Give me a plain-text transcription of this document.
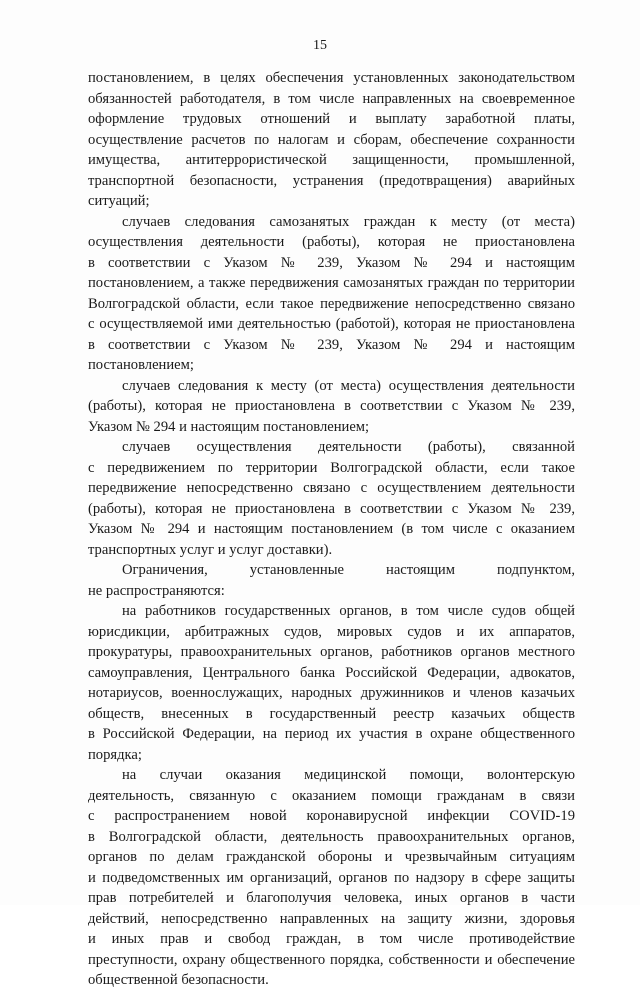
15
постановлением, в целях обеспечения установленных законодательством
обязанностей работодателя, в том числе направленных на своевременное
оформление трудовых отношений и выплату заработной платы,
осуществление расчетов по налогам и сборам, обеспечение сохранности
имущества, антитеррористической защищенности, промышленной,
транспортной безопасности, устранения (предотвращения) аварийных
ситуаций;
случаев следования самозанятых граждан к месту (от места)
осуществления деятельности (работы), которая не приостановлена
в соответствии с Указом № 239, Указом № 294 и настоящим
постановлением, а также передвижения самозанятых граждан по территории
Волгоградской области, если такое передвижение непосредственно связано
с осуществляемой ими деятельностью (работой), которая не приостановлена
в соответствии с Указом № 239, Указом № 294 и настоящим
постановлением;
случаев следования к месту (от места) осуществления деятельности
(работы), которая не приостановлена в соответствии с Указом № 239,
Указом № 294 и настоящим постановлением;
случаев осуществления деятельности (работы), связанной
с передвижением по территории Волгоградской области, если такое
передвижение непосредственно связано с осуществлением деятельности
(работы), которая не приостановлена в соответствии с Указом № 239,
Указом № 294 и настоящим постановлением (в том числе с оказанием
транспортных услуг и услуг доставки).
Ограничения, установленные настоящим подпунктом,
не распространяются:
на работников государственных органов, в том числе судов общей
юрисдикции, арбитражных судов, мировых судов и их аппаратов,
прокуратуры, правоохранительных органов, работников органов местного
самоуправления, Центрального банка Российской Федерации, адвокатов,
нотариусов, военнослужащих, народных дружинников и членов казачьих
обществ, внесенных в государственный реестр казачьих обществ
в Российской Федерации, на период их участия в охране общественного
порядка;
на случаи оказания медицинской помощи, волонтерскую
деятельность, связанную с оказанием помощи гражданам в связи
с распространением новой коронавирусной инфекции COVID-19
в Волгоградской области, деятельность правоохранительных органов,
органов по делам гражданской обороны и чрезвычайным ситуациям
и подведомственных им организаций, органов по надзору в сфере защиты
прав потребителей и благополучия человека, иных органов в части
действий, непосредственно направленных на защиту жизни, здоровья
и иных прав и свобод граждан, в том числе противодействие
преступности, охрану общественного порядка, собственности и обеспечение
общественной безопасности.
